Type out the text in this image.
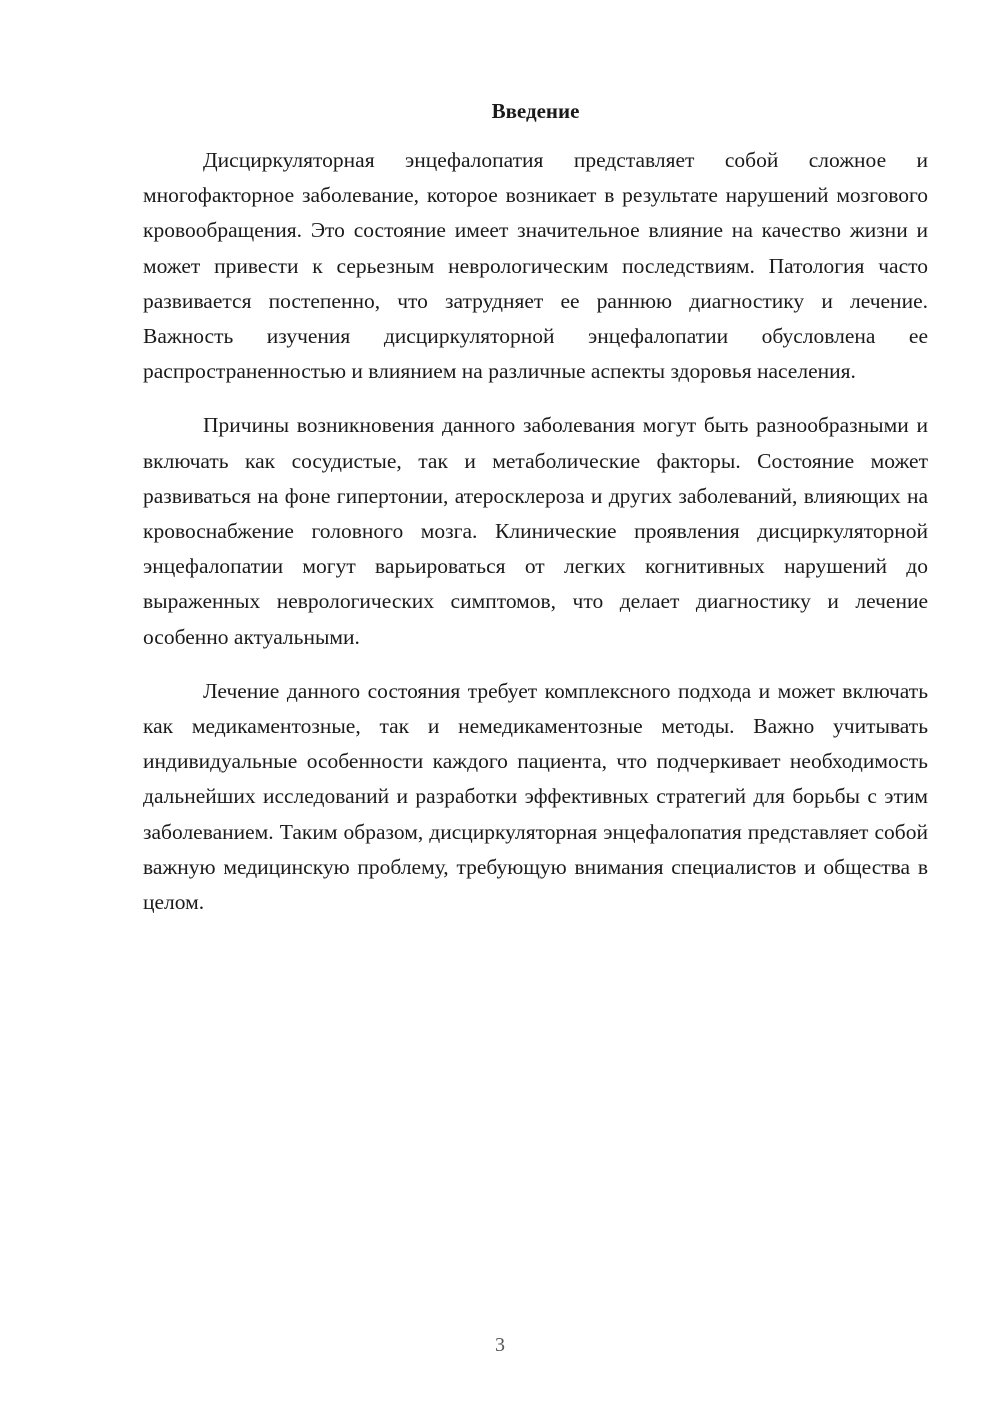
Введение

Дисциркуляторная энцефалопатия представляет собой сложное и многофакторное заболевание, которое возникает в результате нарушений мозгового кровообращения. Это состояние имеет значительное влияние на качество жизни и может привести к серьезным неврологическим последствиям. Патология часто развивается постепенно, что затрудняет ее раннюю диагностику и лечение. Важность изучения дисциркуляторной энцефалопатии обусловлена ее распространенностью и влиянием на различные аспекты здоровья населения.

Причины возникновения данного заболевания могут быть разнообразными и включать как сосудистые, так и метаболические факторы. Состояние может развиваться на фоне гипертонии, атеросклероза и других заболеваний, влияющих на кровоснабжение головного мозга. Клинические проявления дисциркуляторной энцефалопатии могут варьироваться от легких когнитивных нарушений до выраженных неврологических симптомов, что делает диагностику и лечение особенно актуальными.

Лечение данного состояния требует комплексного подхода и может включать как медикаментозные, так и немедикаментозные методы. Важно учитывать индивидуальные особенности каждого пациента, что подчеркивает необходимость дальнейших исследований и разработки эффективных стратегий для борьбы с этим заболеванием. Таким образом, дисциркуляторная энцефалопатия представляет собой важную медицинскую проблему, требующую внимания специалистов и общества в целом.

3
